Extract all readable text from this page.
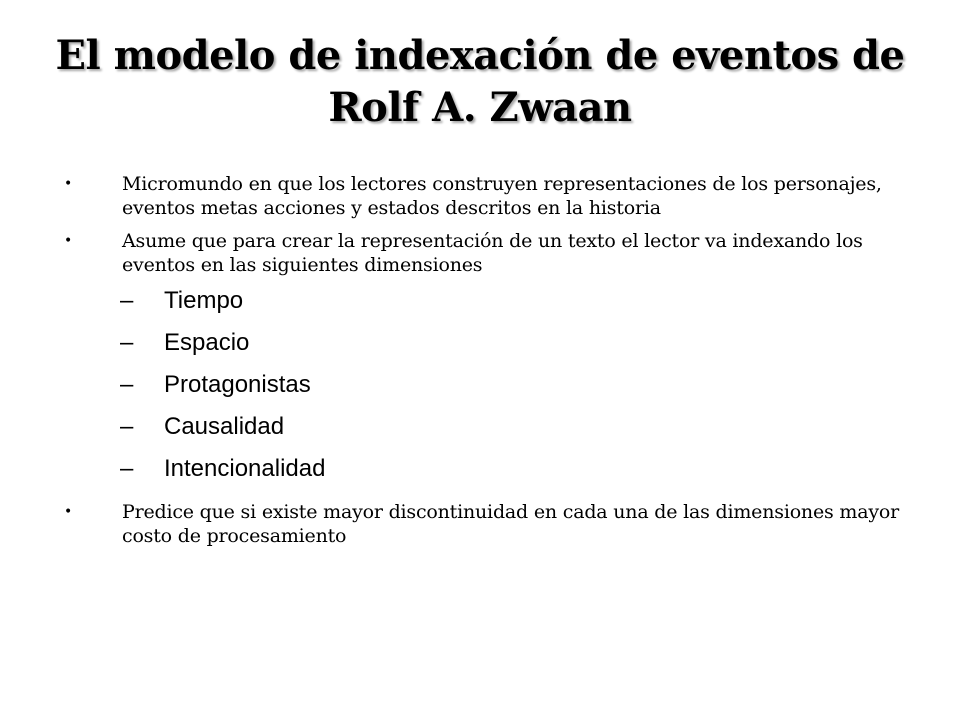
El modelo de indexación de eventos de
Rolf A. Zwaan
•	Micromundo en que los lectores construyen representaciones de los personajes, eventos metas acciones y estados descritos en la historia
•	Asume que para crear la representación de un texto el lector va indexando los eventos en las siguientes dimensiones
– Tiempo
– Espacio
– Protagonistas
– Causalidad
– Intencionalidad
•	Predice que si existe mayor discontinuidad en cada una de las dimensiones mayor costo de procesamiento
